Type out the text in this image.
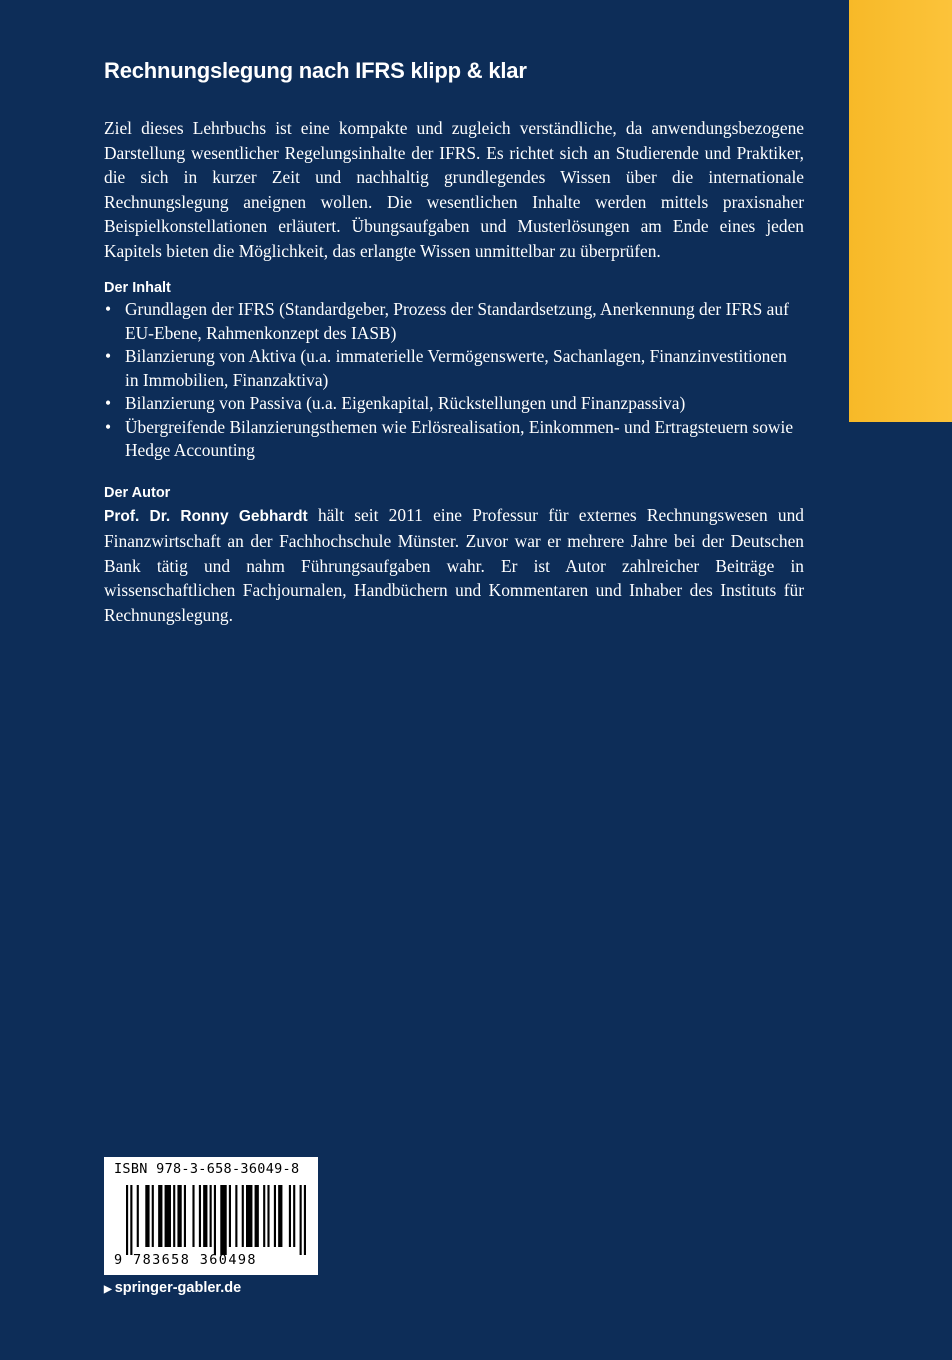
Rechnungslegung nach IFRS klipp & klar

Ziel dieses Lehrbuchs ist eine kompakte und zugleich verständliche, da anwendungsbezogene Darstellung wesentlicher Regelungsinhalte der IFRS. Es richtet sich an Studierende und Praktiker, die sich in kurzer Zeit und nachhaltig grundlegendes Wissen über die internationale Rechnungslegung aneignen wollen. Die wesentlichen Inhalte werden mittels praxisnaher Beispielkonstellationen erläutert. Übungsaufgaben und Musterlösungen am Ende eines jeden Kapitels bieten die Möglichkeit, das erlangte Wissen unmittelbar zu überprüfen.

Der Inhalt
• Grundlagen der IFRS (Standardgeber, Prozess der Standardsetzung, Anerkennung der IFRS auf EU-Ebene, Rahmenkonzept des IASB)
• Bilanzierung von Aktiva (u.a. immaterielle Vermögenswerte, Sachanlagen, Finanzinvestitionen in Immobilien, Finanzaktiva)
• Bilanzierung von Passiva (u.a. Eigenkapital, Rückstellungen und Finanzpassiva)
• Übergreifende Bilanzierungsthemen wie Erlösrealisation, Einkommen- und Ertragsteuern sowie Hedge Accounting
Der Autor

Prof. Dr. Ronny Gebhardt hält seit 2011 eine Professur für externes Rechnungswesen und Finanzwirtschaft an der Fachhochschule Münster. Zuvor war er mehrere Jahre bei der Deutschen Bank tätig und nahm Führungsaufgaben wahr. Er ist Autor zahlreicher Beiträge in wissenschaftlichen Fachjournalen, Handbüchern und Kommentaren und Inhaber des Instituts für Rechnungslegung.

ISBN 978-3-658-36049-8
9 783658 360498
▶ springer-gabler.de
